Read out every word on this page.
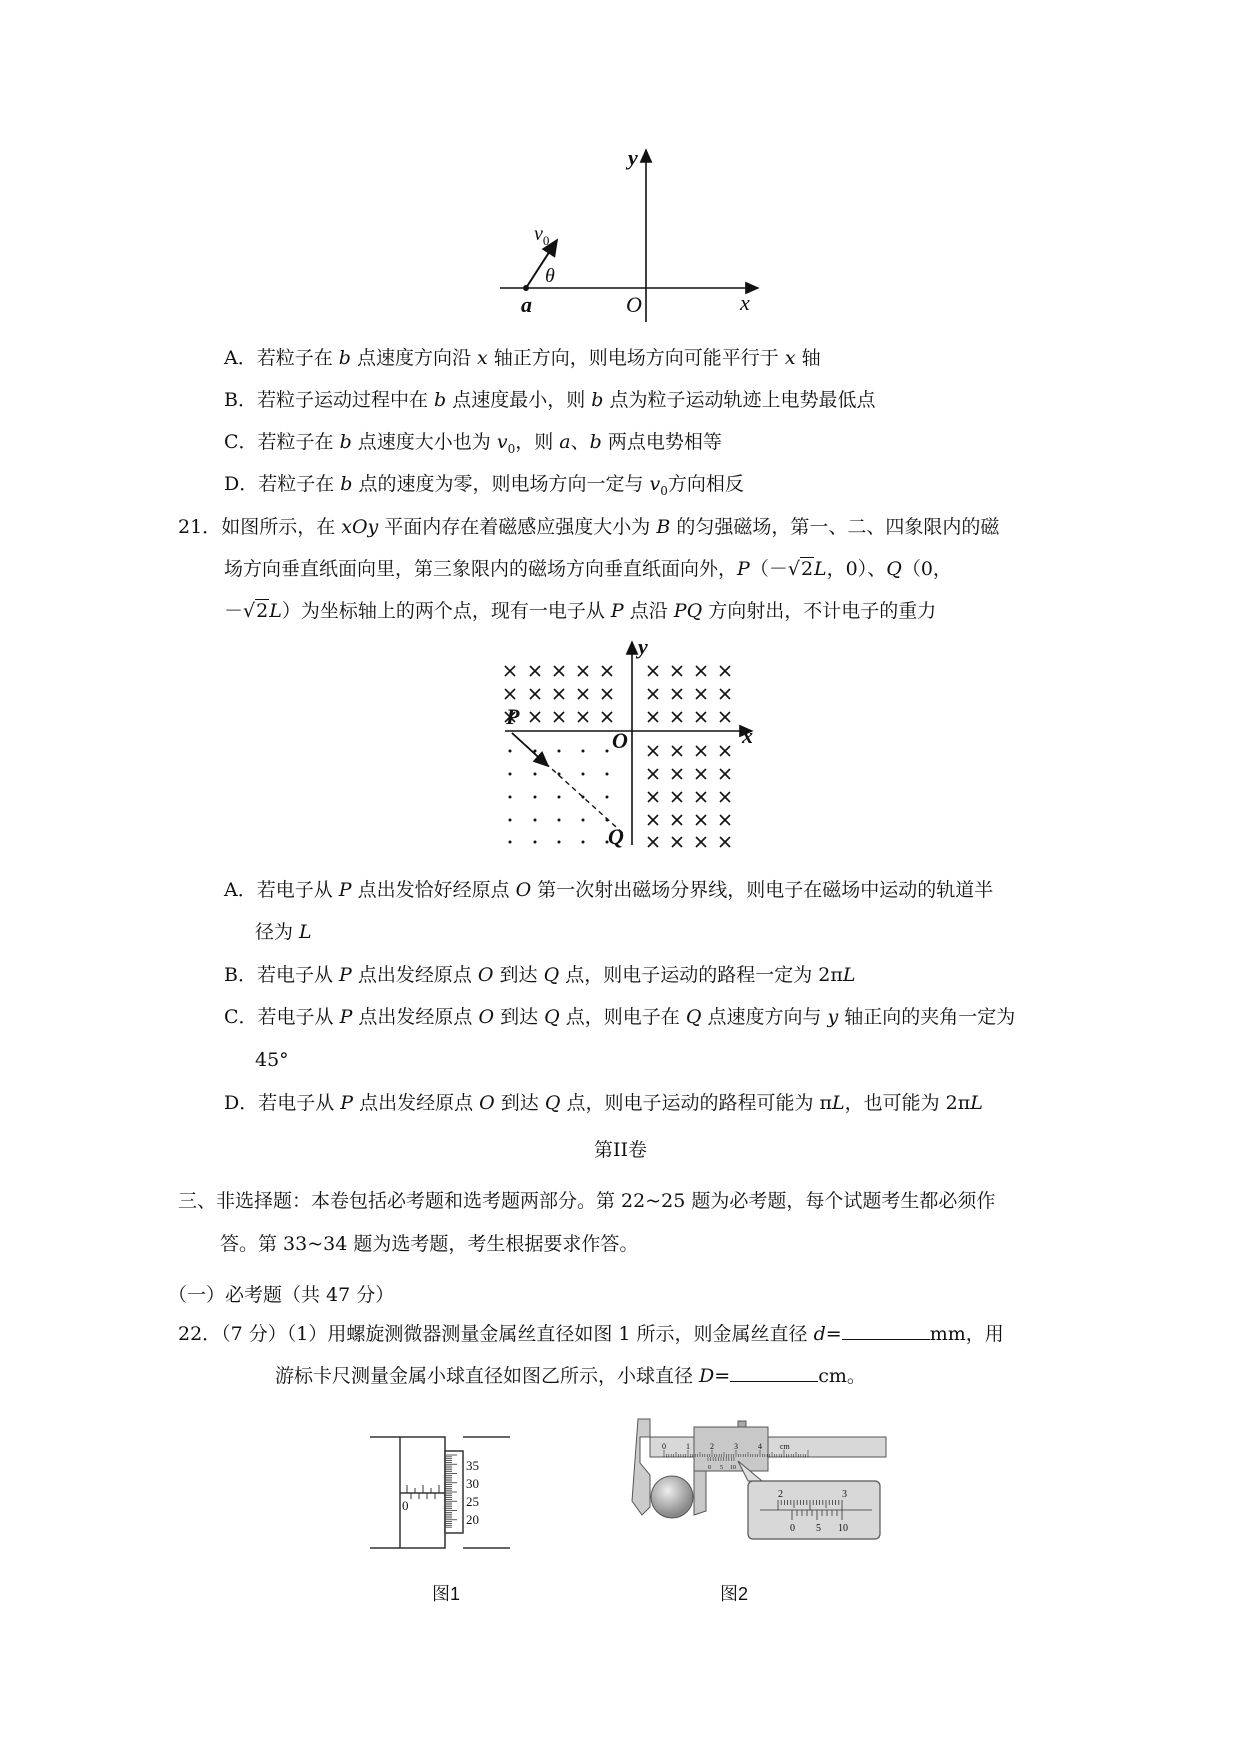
y
x
O
a
$v_0$
θ
A．若粒子在 b 点速度方向沿 x 轴正方向，则电场方向可能平行于 x 轴
B．若粒子运动过程中在 b 点速度最小，则 b 点为粒子运动轨迹上电势最低点
C．若粒子在 b 点速度大小也为 $v_0$，则 a、b 两点电势相等
D．若粒子在 b 点的速度为零，则电场方向一定与 $v_0$方向相反
21．如图所示，在 xOy 平面内存在着磁感应强度大小为 B 的匀强磁场，第一、二、四象限内的磁
场方向垂直纸面向里，第三象限内的磁场方向垂直纸面向外，P（－√2L，0）、Q（0，
－√2L）为坐标轴上的两个点，现有一电子从 P 点沿 PQ 方向射出，不计电子的重力
y
x
O
P
Q
A．若电子从 P 点出发恰好经原点 O 第一次射出磁场分界线，则电子在磁场中运动的轨道半
径为 L
B．若电子从 P 点出发经原点 O 到达 Q 点，则电子运动的路程一定为 2πL
C．若电子从 P 点出发经原点 O 到达 Q 点，则电子在 Q 点速度方向与 y 轴正向的夹角一定为
45°
D．若电子从 P 点出发经原点 O 到达 Q 点，则电子运动的路程可能为 πL，也可能为 2πL
第II卷
三、非选择题：本卷包括必考题和选考题两部分。第 22~25 题为必考题，每个试题考生都必须作
答。第 33~34 题为选考题，考生根据要求作答。
（一）必考题（共 47 分）
22．（7 分）（1）用螺旋测微器测量金属丝直径如图 1 所示，则金属丝直径 d=	mm，用
游标卡尺测量金属小球直径如图乙所示，小球直径 D=	cm。
35
30
25
20
0
图1
0	1	2	3	4 cm
0 5 10
2	3
0 5 10
图2
